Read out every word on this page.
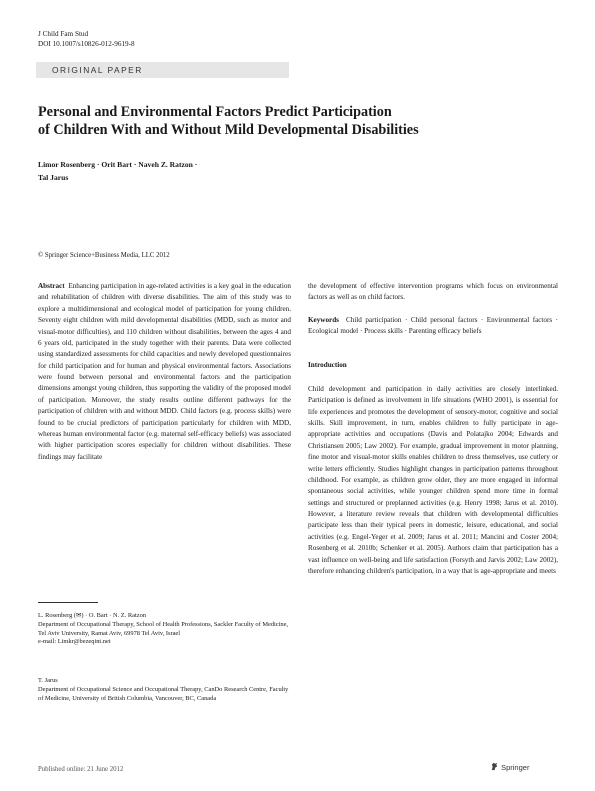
J Child Fam Stud
DOI 10.1007/s10826-012-9619-8
ORIGINAL PAPER
Personal and Environmental Factors Predict Participation
of Children With and Without Mild Developmental Disabilities
Limor Rosenberg · Orit Bart · Naveh Z. Ratzon ·
Tal Jarus
© Springer Science+Business Media, LLC 2012

Abstract Enhancing participation in age-related activities is a key goal in the education and rehabilitation of children with diverse disabilities. The aim of this study was to explore a multidimensional and ecological model of participation for young children. Seventy eight children with mild developmental disabilities (MDD, such as motor and visual-motor difficulties), and 110 children without disabilities, between the ages 4 and 6 years old, participated in the study together with their parents. Data were collected using standardized assessments for child capacities and newly developed questionnaires for child participation and for human and physical environmental factors. Associations were found between personal and environmental factors and the participation dimensions amongst young children, thus supporting the validity of the proposed model of participation. Moreover, the study results outline different pathways for the participation of children with and without MDD. Child factors (e.g. process skills) were found to be crucial predictors of participation particularly for children with MDD, whereas human environmental factor (e.g. maternal self-efficacy beliefs) was associated with higher participation scores especially for children without disabilities. These findings may facilitate

the development of effective intervention programs which focus on environmental factors as well as on child factors.

Keywords Child participation · Child personal factors · Environmental factors · Ecological model · Process skills · Parenting efficacy beliefs

Introduction

Child development and participation in daily activities are closely interlinked. Participation is defined as involvement in life situations (WHO 2001), is essential for life experiences and promotes the development of sensory-motor, cognitive and social skills. Skill improvement, in turn, enables children to fully participate in age-appropriate activities and occupations (Davis and Polatajko 2004; Edwards and Christiansen 2005; Law 2002). For example, gradual improvement in motor planning, fine motor and visual-motor skills enables children to dress themselves, use cutlery or write letters efficiently. Studies highlight changes in participation patterns throughout childhood. For example, as children grow older, they are more engaged in informal spontaneous social activities, while younger children spend more time in formal settings and structured or preplanned activities (e.g. Henry 1998; Jarus et al. 2010). However, a literature review reveals that children with developmental difficulties participate less than their typical peers in domestic, leisure, educational, and social activities (e.g. Engel-Yeger et al. 2009; Jarus et al. 2011; Mancini and Coster 2004; Rosenberg et al. 2010b; Schenker et al. 2005). Authors claim that participation has a vast influence on well-being and life satisfaction (Forsyth and Jarvis 2002; Law 2002), therefore enhancing children's participation, in a way that is age-appropriate and meets

L. Rosenberg (✉) · O. Bart · N. Z. Ratzon
Department of Occupational Therapy, School of Health Professions, Sackler Faculty of Medicine, Tel Aviv University, Ramat Aviv, 69978 Tel Aviv, Israel
e-mail: Limkr@bezeqint.net
T. Jarus
Department of Occupational Science and Occupational Therapy, CanDo Research Centre, Faculty of Medicine, University of British Columbia, Vancouver, BC, Canada
Published online: 21 June 2012	Springer
